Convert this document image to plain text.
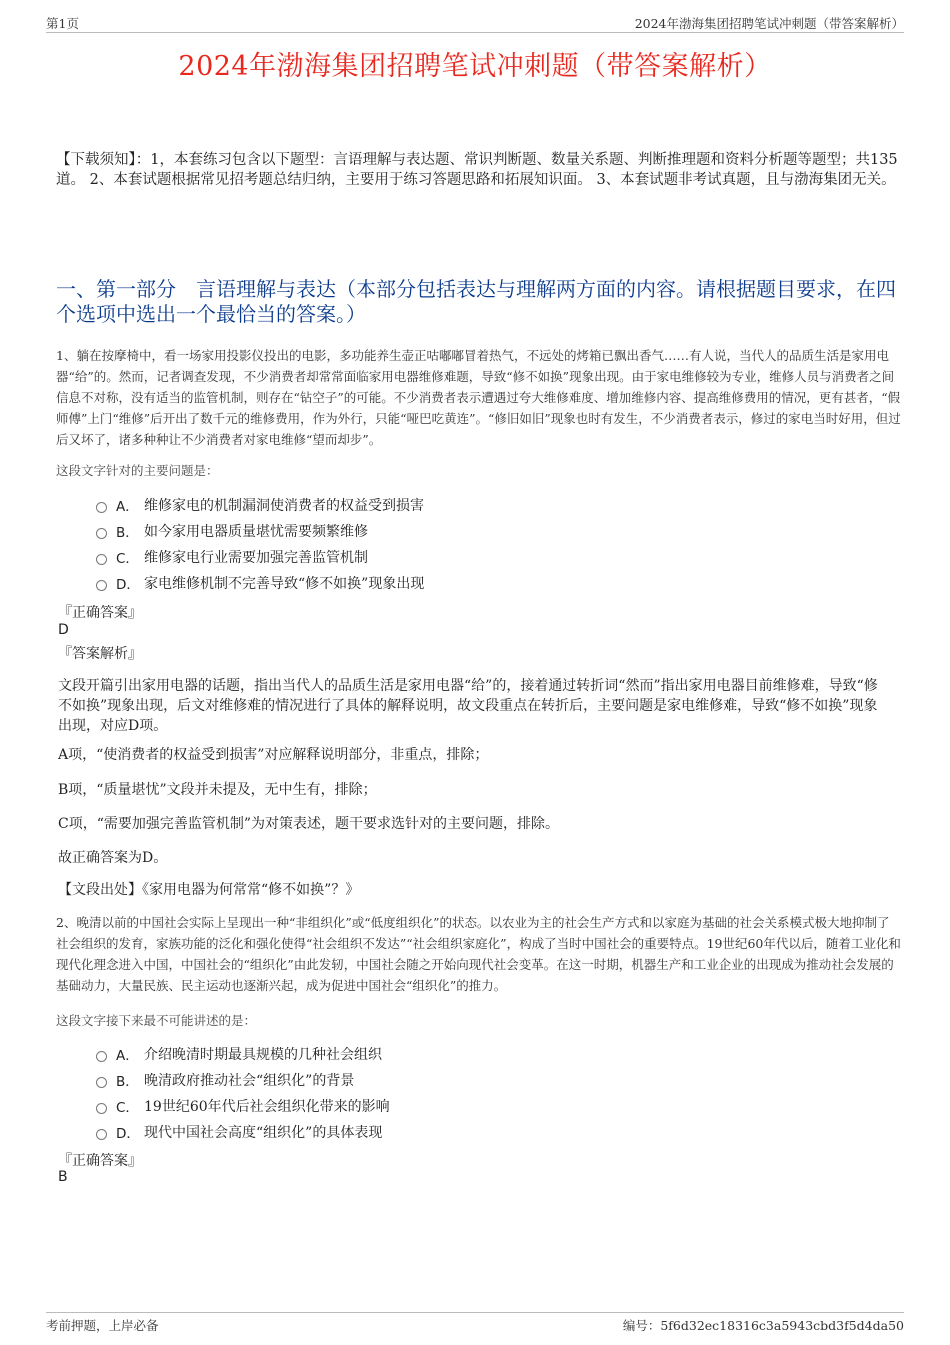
第1页	2024年渤海集团招聘笔试冲刺题（带答案解析）
2024年渤海集团招聘笔试冲刺题（带答案解析）
【下载须知】：1，本套练习包含以下题型：言语理解与表达题、常识判断题、数量关系题、判断推理题和资料分析题等题型；共135道。 2、本套试题根据常见招考题总结归纳，主要用于练习答题思路和拓展知识面。 3、本套试题非考试真题，且与渤海集团无关。
一、第一部分　言语理解与表达（本部分包括表达与理解两方面的内容。请根据题目要求，在四个选项中选出一个最恰当的答案。）
1、躺在按摩椅中，看一场家用投影仪投出的电影，多功能养生壶正咕嘟嘟冒着热气，不远处的烤箱已飘出香气……有人说，当代人的品质生活是家用电器“给”的。然而，记者调查发现，不少消费者却常常面临家用电器维修难题，导致“修不如换”现象出现。由于家电维修较为专业，维修人员与消费者之间信息不对称，没有适当的监管机制，则存在“钻空子”的可能。不少消费者表示遭遇过夸大维修难度、增加维修内容、提高维修费用的情况，更有甚者，“假师傅”上门“维修”后开出了数千元的维修费用，作为外行，只能“哑巴吃黄连”。“修旧如旧”现象也时有发生，不少消费者表示，修过的家电当时好用，但过后又坏了，诸多种种让不少消费者对家电维修“望而却步”。
这段文字针对的主要问题是：
A． 维修家电的机制漏洞使消费者的权益受到损害
B． 如今家用电器质量堪忧需要频繁维修
C． 维修家电行业需要加强完善监管机制
D． 家电维修机制不完善导致“修不如换”现象出现
『正确答案』
D
『答案解析』
文段开篇引出家用电器的话题，指出当代人的品质生活是家用电器“给”的，接着通过转折词“然而”指出家用电器目前维修难，导致“修不如换”现象出现，后文对维修难的情况进行了具体的解释说明，故文段重点在转折后，主要问题是家电维修难，导致“修不如换”现象出现，对应D项。
A项，“使消费者的权益受到损害”对应解释说明部分，非重点，排除；
B项，“质量堪忧”文段并未提及，无中生有，排除；
C项，“需要加强完善监管机制”为对策表述，题干要求选针对的主要问题，排除。
故正确答案为D。
【文段出处】《家用电器为何常常“修不如换”？》
2、晚清以前的中国社会实际上呈现出一种“非组织化”或“低度组织化”的状态。以农业为主的社会生产方式和以家庭为基础的社会关系模式极大地抑制了社会组织的发育，家族功能的泛化和强化使得“社会组织不发达”“社会组织家庭化”，构成了当时中国社会的重要特点。19世纪60年代以后，随着工业化和现代化理念进入中国，中国社会的“组织化”由此发轫，中国社会随之开始向现代社会变革。在这一时期，机器生产和工业企业的出现成为推动社会发展的基础动力，大量民族、民主运动也逐渐兴起，成为促进中国社会“组织化”的推力。
这段文字接下来最不可能讲述的是：
A． 介绍晚清时期最具规模的几种社会组织
B． 晚清政府推动社会“组织化”的背景
C． 19世纪60年代后社会组织化带来的影响
D． 现代中国社会高度“组织化”的具体表现
『正确答案』
B
考前押题，上岸必备	编号：5f6d32ec18316c3a5943cbd3f5d4da50
